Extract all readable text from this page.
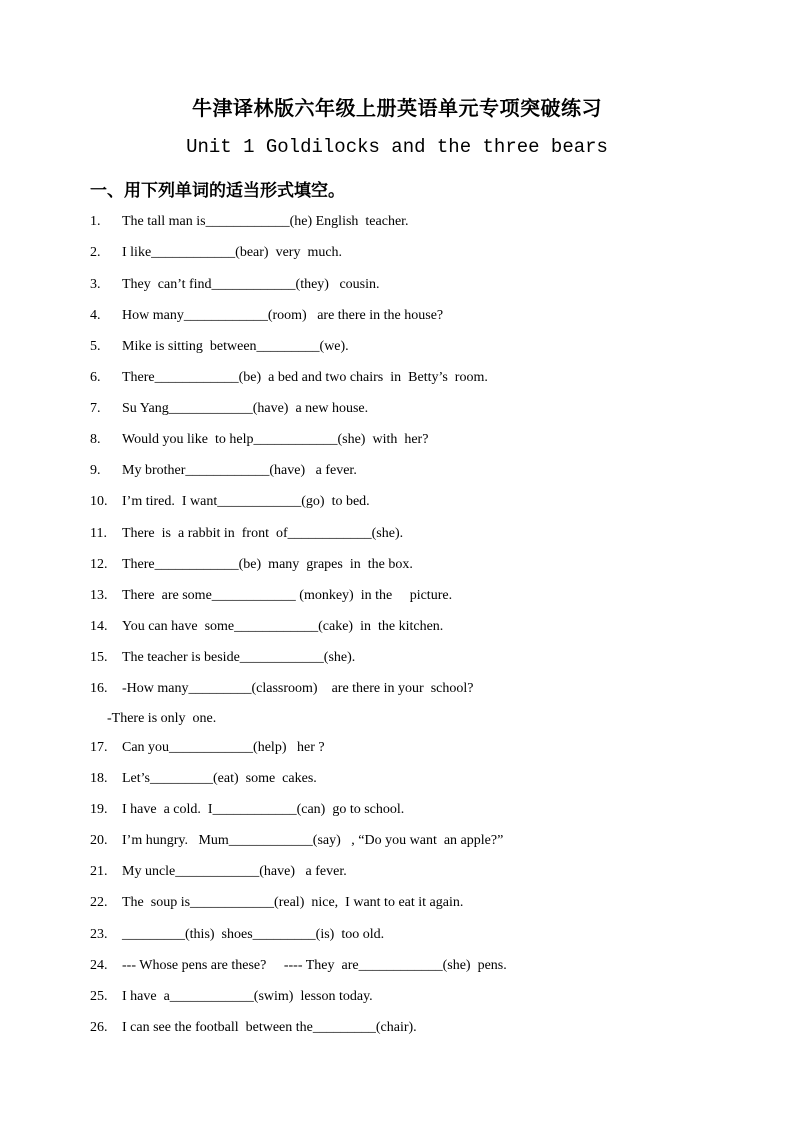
牛津译林版六年级上册英语单元专项突破练习
Unit 1 Goldilocks and the three bears
一、用下列单词的适当形式填空。
1. The tall man is____________(he) English  teacher.
2. I like____________(bear)  very  much.
3. They  can’t find____________(they)   cousin.
4. How many____________(room)   are there in the house?
5. Mike is sitting  between_________(we).
6. There____________(be)  a bed and two chairs  in  Betty’s  room.
7. Su Yang____________(have)  a new house.
8. Would you like  to help____________(she)  with  her?
9. My brother____________(have)   a fever.
10. I’m tired.  I want____________(go)  to bed.
11. There  is  a rabbit in  front  of____________(she).
12. There____________(be)  many  grapes  in  the box.
13. There  are some____________ (monkey)  in the     picture.
14. You can have  some____________(cake)  in  the kitchen.
15. The teacher is beside____________(she).
16. -How many_________(classroom)    are there in your  school?
-There is only  one.
17. Can you____________(help)   her ?
18. Let’s_________(eat)  some  cakes.
19. I have  a cold.  I____________(can)  go to school.
20. I’m hungry.   Mum____________(say)   , “Do you want  an apple?”
21. My uncle____________(have)   a fever.
22. The  soup is____________(real)  nice,  I want to eat it again.
23. _________(this)  shoes_________(is)  too old.
24. --- Whose pens are these?     ---- They  are____________(she)  pens.
25. I have  a____________(swim)  lesson today.
26. I can see the football  between the_________(chair).
